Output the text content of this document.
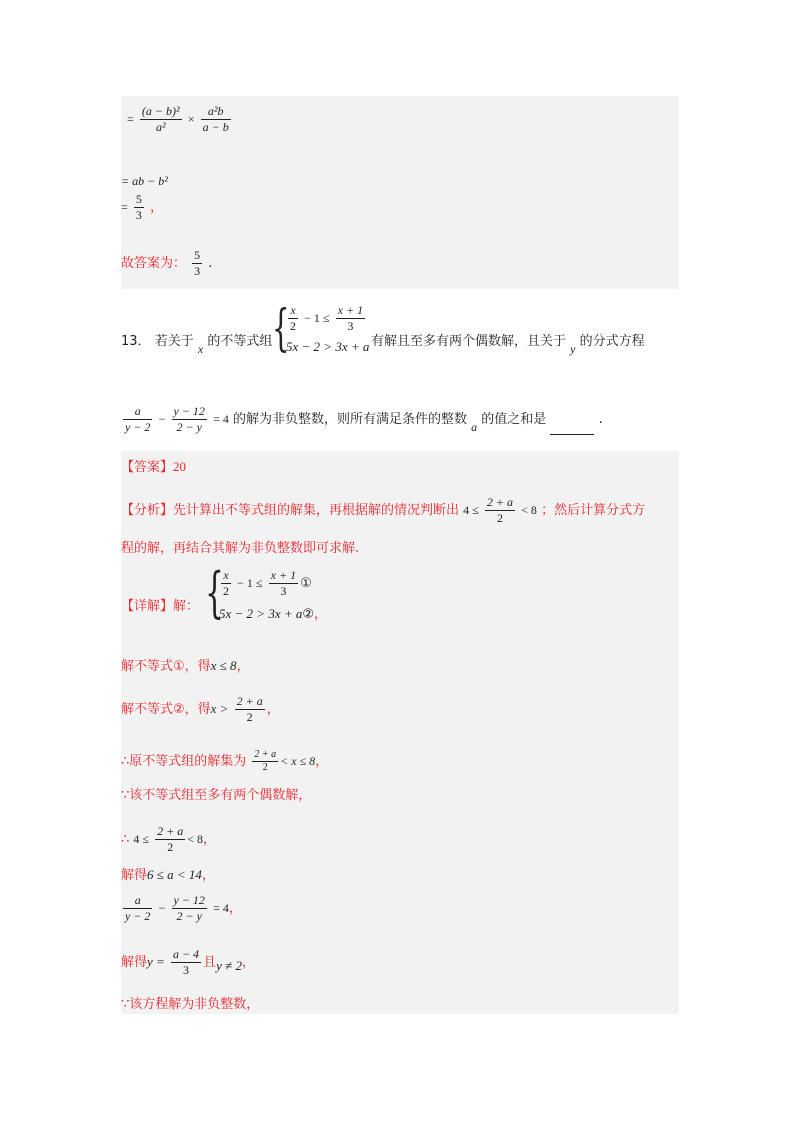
= $\frac{\text{(a − b)²}}{\text{a²}} \times \frac{\text{a²b}}{a - b}$
= ab − b²
= $\frac{5}{3}$ ，
故答案为： $\frac{5}{3}$ .
13． 若关于 x 的不等式组 {
$\frac{x}{2} - 1 \le \frac{x + 1}{3}$
5x − 2 > 3x + a 有解且至多有两个偶数解，且关于 y 的分式方程
$\frac{a}{y - 2} - \frac{y - 12}{2 - y} = 4$ 的解为非负整数，则所有满足条件的整数 a 的值之和是	.
【答案】20
【分析】先计算出不等式组的解集，再根据解的情况判断出 $4 \le \frac{2 + a}{2} < 8$ ；然后计算分式方
程的解，再结合其解为非负整数即可求解.
【详解】解： {
$\frac{x}{2} - 1 \le \frac{x + 1}{3}$ ①
5x − 2 > 3x + a②，
解不等式①，得x ≤ 8，
解不等式②，得$x > \frac{2 + a}{2}$ ，
∴原不等式组的解集为 $\frac{2 + a}{2} < x \le 8$，
∵该不等式组至多有两个偶数解，
∴ $4 \le \frac{2 + a}{2} < 8$，
解得6 ≤ a < 14，
$\frac{a}{y - 2} - \frac{y - 12}{2 - y} = 4$，
解得$y = \frac{a - 4}{3}$ 且y ≠ 2，
∵该方程解为非负整数，
